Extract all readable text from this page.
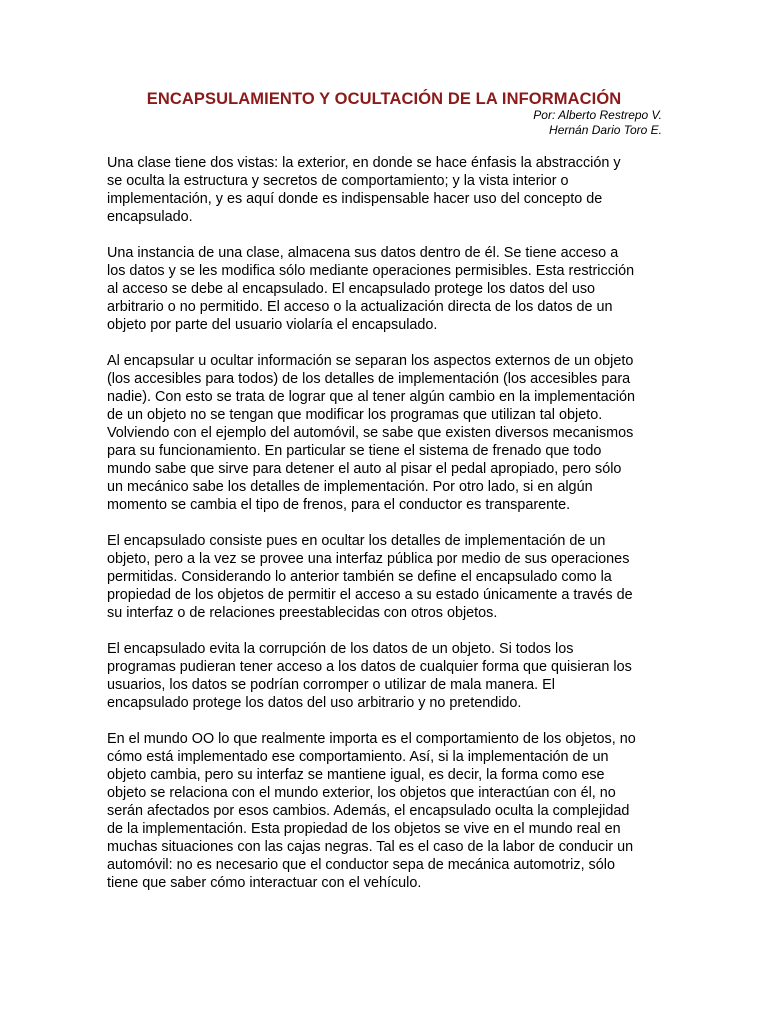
ENCAPSULAMIENTO Y OCULTACIÓN DE LA INFORMACIÓN
Por: Alberto Restrepo V.
Hernán Dario Toro E.

Una clase tiene dos vistas: la exterior, en donde se hace énfasis la abstracción y
se oculta la estructura y secretos de comportamiento; y la vista interior o
implementación, y es aquí donde es indispensable hacer uso del concepto de
encapsulado.

Una instancia de una clase, almacena sus datos dentro de él. Se tiene acceso a
los datos y se les modifica sólo mediante operaciones permisibles. Esta restricción
al acceso se debe al encapsulado. El encapsulado protege los datos del uso
arbitrario o no permitido. El acceso o la actualización directa de los datos de un
objeto por parte del usuario violaría el encapsulado.

Al encapsular u ocultar información se separan los aspectos externos de un objeto
(los accesibles para todos) de los detalles de implementación (los accesibles para
nadie). Con esto se trata de lograr que al tener algún cambio en la implementación
de un objeto no se tengan que modificar los programas que utilizan tal objeto.
Volviendo con el ejemplo del automóvil, se sabe que existen diversos mecanismos
para su funcionamiento. En particular se tiene el sistema de frenado que todo
mundo sabe que sirve para detener el auto al pisar el pedal apropiado, pero sólo
un mecánico sabe los detalles de implementación. Por otro lado, si en algún
momento se cambia el tipo de frenos, para el conductor es transparente.

El encapsulado consiste pues en ocultar los detalles de implementación de un
objeto, pero a la vez se provee una interfaz pública por medio de sus operaciones
permitidas. Considerando lo anterior también se define el encapsulado como la
propiedad de los objetos de permitir el acceso a su estado únicamente a través de
su interfaz o de relaciones preestablecidas con otros objetos.

El encapsulado evita la corrupción de los datos de un objeto. Si todos los
programas pudieran tener acceso a los datos de cualquier forma que quisieran los
usuarios, los datos se podrían corromper o utilizar de mala manera. El
encapsulado protege los datos del uso arbitrario y no pretendido.

En el mundo OO lo que realmente importa es el comportamiento de los objetos, no
cómo está implementado ese comportamiento. Así, si la implementación de un
objeto cambia, pero su interfaz se mantiene igual, es decir, la forma como ese
objeto se relaciona con el mundo exterior, los objetos que interactúan con él, no
serán afectados por esos cambios. Además, el encapsulado oculta la complejidad
de la implementación. Esta propiedad de los objetos se vive en el mundo real en
muchas situaciones con las cajas negras. Tal es el caso de la labor de conducir un
automóvil: no es necesario que el conductor sepa de mecánica automotriz, sólo
tiene que saber cómo interactuar con el vehículo.
